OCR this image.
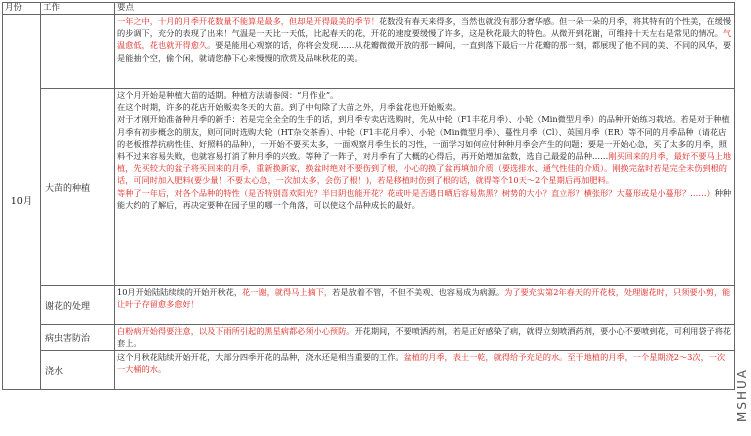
月份	工作	要点
10月		一年之中，十月的月季开花数量不能算是最多，但却是开得最美的季节！花数没有春天来得多，当然也就没有那分奢华感。但一朵一朵的月季，将其特有的个性美，在缓慢的步调下，充分的表现了出来！气温是一天比一天低，比起春天的花，开花的速度要缓慢了许多，这是秋花最大的特色。从微开到花谢，可维持十天左右是常见的情况。气温愈低，花也就开得愈久。要是能用心观察的话，你将会发现……从花瓣微微开放的那一瞬间，一直到落下最后一片花瓣的那一刻，都展现了他不同的美、不同的风华，要是能抽个空，偷个闲，就请您静下心来慢慢的欣赏及品味秋花的美。
	大苗的种植	这个月开始是种植大苗的适期。种植方法请参阅：“月作业”。
在这个时期，许多的花店开始贩卖冬天的大苗。到了中旬除了大苗之外，月季盆花也开始贩卖。
对于才刚开始准备种月季的新手：若是完全全全的生手的话，到月季专卖店选购时，先从中轮（F1丰花月季）、小轮（Min微型月季）的品种开始练习栽培。若是对于种植月季有初步概念的朋友，则可同时选购大轮（HT杂交茶香）、中轮（F1丰花月季）、小轮（Min微型月季）、蔓性月季（Cl）、英国月季（ER）等不同的月季品种（请花店的老板推荐抗病性佳、好照料的品种），一开始不要买太多，一面观察月季生长的习性，一面学习如何应付种种月季会产生的问题；要是一开始心急，买了太多的月季，照料不过来容易失败，也就容易打消了种月季的兴致。等种了一阵子，对月季有了大概的心得后，再开始增加盆数，选自己最爱的品种……刚买回来的月季，最好不要马上地植，先买较大的盆子将买回来的月季，重新换新家，换盆时绝对不要伤到了根，小心的换了盆再填加介质（要选排水、通气性佳的介质）。刚换完盆时若是完全未伤到根的话，可同时加入肥料(要少量！不要太心急，一次加太多，会伤了根！)，若是移植时伤到了根的话，就得等个10天～2个星期后再加肥料。
等种了一年后，对各个品种的特性（是否特别喜欢阳光？半日阴也能开花？花或叶是否遇日晒后容易焦黑？树势的大小？直立形？横张形？大蔓形或是小蔓形？……）种种能大约的了解后，再决定要种在园子里的哪一个角落，可以使这个品种成长的最好。

	谢花的处理	10月开始陆陆续续的开始开秋花，花一谢，就得马上摘下，若是放着不管，不但不美观、也容易成为病源。为了要充实第2年春天的开花枝，处理谢花时，只须要小剪，能让叶子存留愈多愈好！
	病虫害防治	白粉病开始得要注意，以及下雨所引起的黑星病都必须小心预防。开花期间，不要喷洒药剂，若是正好感染了病，就得立刻喷洒药剂，要小心不要喷到花，可利用袋子将花套上。
	浇水	这个月秋花陆续开始开花，大部分四季开花的品种，浇水还是相当重要的工作。盆植的月季，表土一乾，就得给予充足的水。至于地植的月季，一个星期浇2～3次，一次一大桶的水。	MSHUA
